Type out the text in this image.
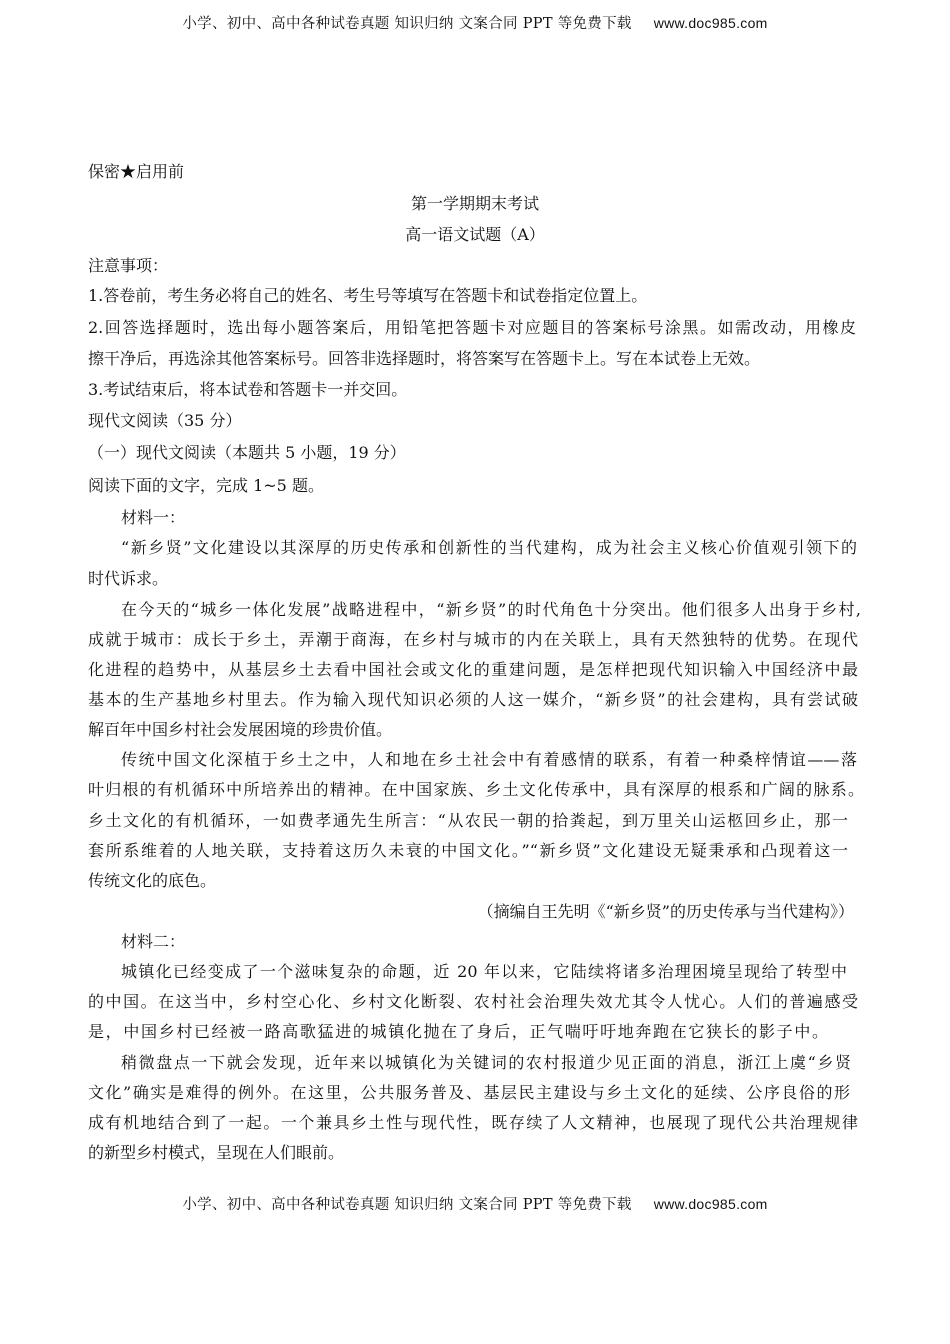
小学、初中、高中各种试卷真题 知识归纳 文案合同 PPT 等免费下载 www.doc985.com
保密★启用前
第一学期期末考试
高一语文试题（A）
注意事项：
1.答卷前，考生务必将自己的姓名、考生号等填写在答题卡和试卷指定位置上。
2.回答选择题时，选出每小题答案后，用铅笔把答题卡对应题目的答案标号涂黑。如需改动，用橡皮
擦干净后，再选涂其他答案标号。回答非选择题时，将答案写在答题卡上。写在本试卷上无效。
3.考试结束后，将本试卷和答题卡一并交回。
现代文阅读（35 分）
（一）现代文阅读（本题共 5 小题，19 分）
阅读下面的文字，完成 1~5 题。
材料一：
“新乡贤”文化建设以其深厚的历史传承和创新性的当代建构，成为社会主义核心价值观引领下的
时代诉求。
在今天的“城乡一体化发展”战略进程中，“新乡贤”的时代角色十分突出。他们很多人出身于乡村,
成就于城市：成长于乡土，弄潮于商海，在乡村与城市的内在关联上，具有天然独特的优势。在现代
化进程的趋势中，从基层乡土去看中国社会或文化的重建问题，是怎样把现代知识输入中国经济中最
基本的生产基地乡村里去。作为输入现代知识必须的人这一媒介，“新乡贤”的社会建构，具有尝试破
解百年中国乡村社会发展困境的珍贵价值。
传统中国文化深植于乡土之中，人和地在乡土社会中有着感情的联系，有着一种桑梓情谊——落
叶归根的有机循环中所培养出的精神。在中国家族、乡土文化传承中，具有深厚的根系和广阔的脉系。
乡土文化的有机循环，一如费孝通先生所言：“从农民一朝的拾粪起，到万里关山运柩回乡止，那一
套所系维着的人地关联，支持着这历久未衰的中国文化。”“新乡贤”文化建设无疑秉承和凸现着这一
传统文化的底色。
（摘编自王先明《“新乡贤”的历史传承与当代建构》）
材料二：
城镇化已经变成了一个滋味复杂的命题，近 20 年以来，它陆续将诸多治理困境呈现给了转型中
的中国。在这当中，乡村空心化、乡村文化断裂、农村社会治理失效尤其令人忧心。人们的普遍感受
是，中国乡村已经被一路高歌猛进的城镇化抛在了身后，正气喘吁吁地奔跑在它狭长的影子中。
稍微盘点一下就会发现，近年来以城镇化为关键词的农村报道少见正面的消息，浙江上虞“乡贤
文化”确实是难得的例外。在这里，公共服务普及、基层民主建设与乡土文化的延续、公序良俗的形
成有机地结合到了一起。一个兼具乡土性与现代性，既存续了人文精神，也展现了现代公共治理规律
的新型乡村模式，呈现在人们眼前。
小学、初中、高中各种试卷真题 知识归纳 文案合同 PPT 等免费下载 www.doc985.com
